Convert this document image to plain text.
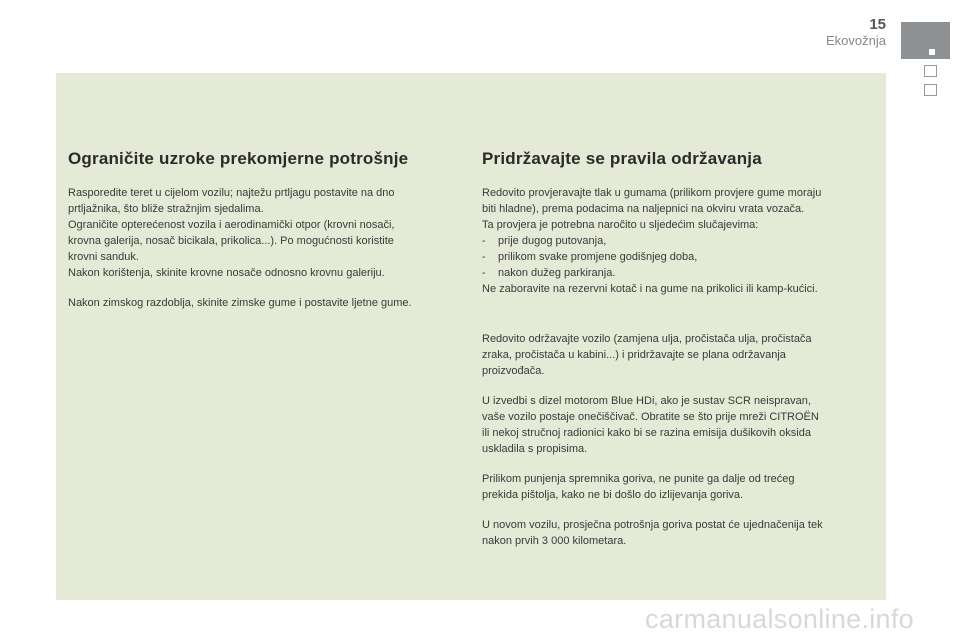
15
Ekovožnja
Ograničite uzroke prekomjerne potrošnje

Rasporedite teret u cijelom vozilu; najtežu prtljagu postavite na dno
prtljažnika, što bliže stražnjim sjedalima.
Ograničite opterećenost vozila i aerodinamički otpor (krovni nosači,
krovna galerija, nosač bicikala, prikolica...). Po mogućnosti koristite
krovni sanduk.
Nakon korištenja, skinite krovne nosače odnosno krovnu galeriju.

Nakon zimskog razdoblja, skinite zimske gume i postavite ljetne gume.

Pridržavajte se pravila održavanja

Redovito provjeravajte tlak u gumama (prilikom provjere gume moraju
biti hladne), prema podacima na naljepnici na okviru vrata vozača.
Ta provjera je potrebna naročito u sljedećim slučajevima:

- prije dugog putovanja,
- prilikom svake promjene godišnjeg doba,
- nakon dužeg parkiranja.

Ne zaboravite na rezervni kotač i na gume na prikolici ili kamp-kućici.

Redovito održavajte vozilo (zamjena ulja, pročistača ulja, pročistača
zraka, pročistača u kabini...) i pridržavajte se plana održavanja
proizvođača.

U izvedbi s dizel motorom Blue HDi, ako je sustav SCR neispravan,
vaše vozilo postaje onečiščivač. Obratite se što prije mreži CITROËN
ili nekoj stručnoj radionici kako bi se razina emisija dušikovih oksida
uskladila s propisima.

Prilikom punjenja spremnika goriva, ne punite ga dalje od trećeg
prekida pištolja, kako ne bi došlo do izlijevanja goriva.

U novom vozilu, prosječna potrošnja goriva postat će ujednačenija tek
nakon prvih 3 000 kilometara.

carmanualsonline.info
